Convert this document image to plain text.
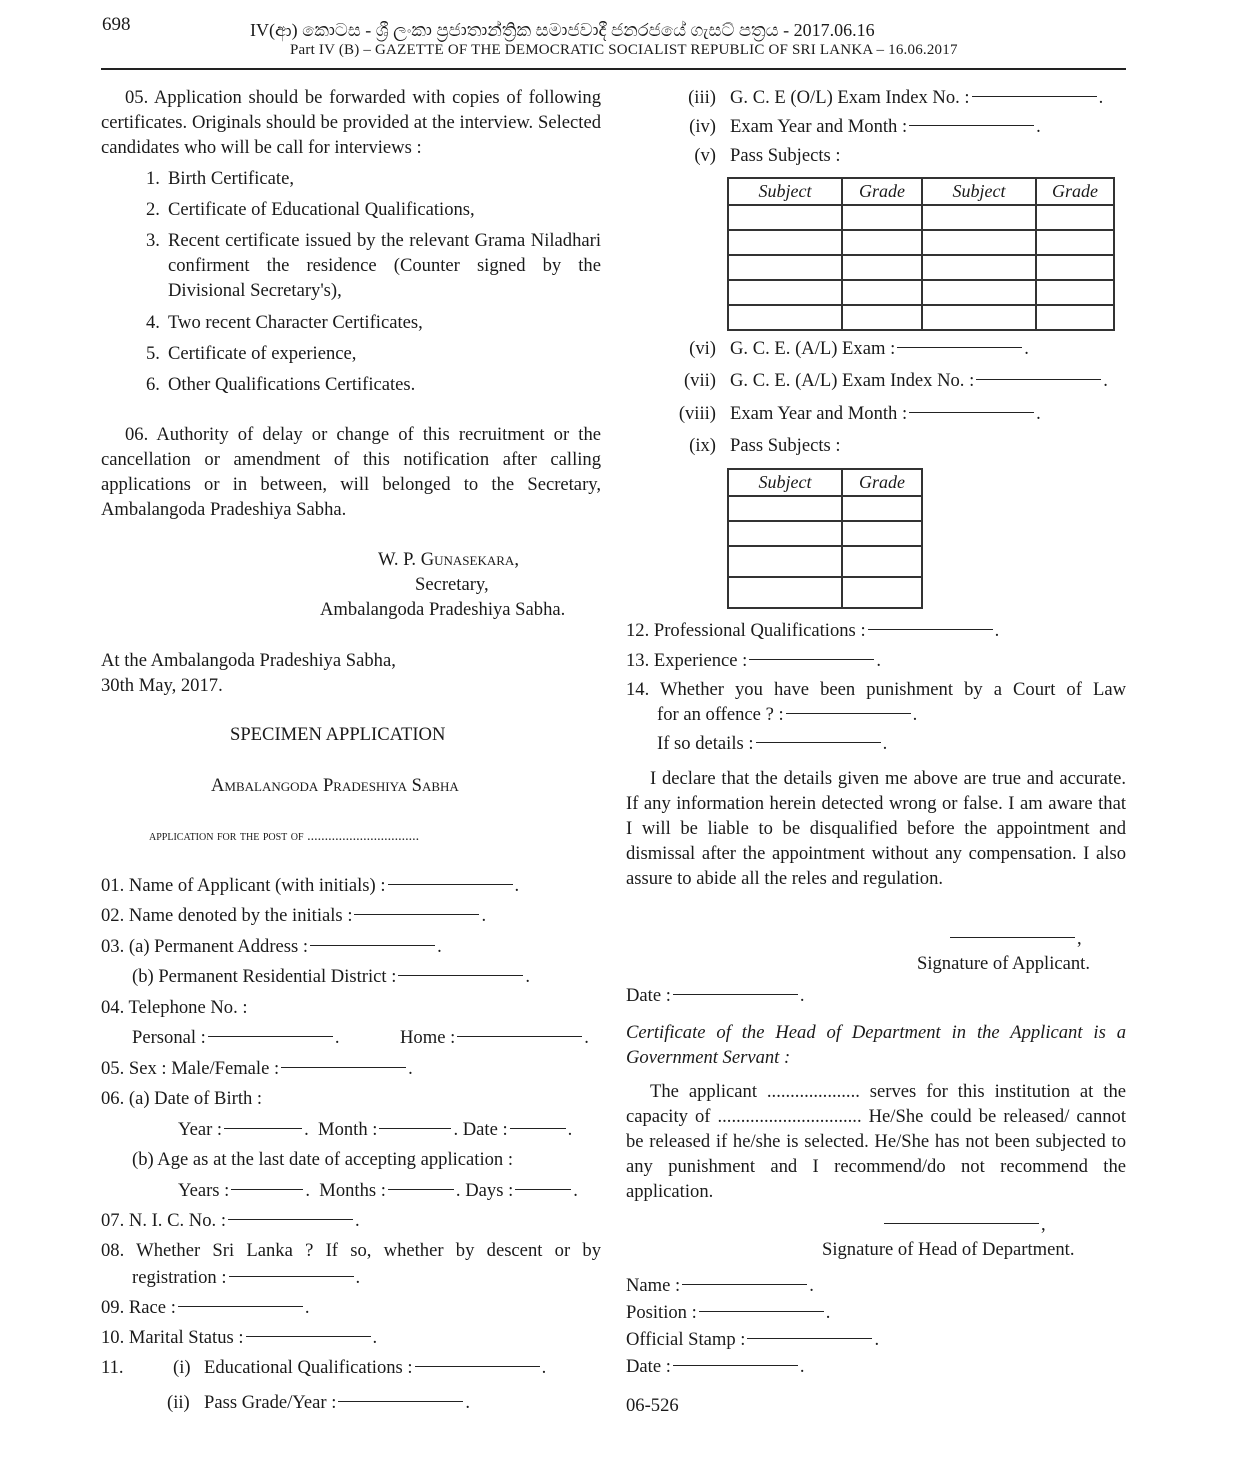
698	IV(ආ) කොටස - ශ්‍රී ලංකා ප්‍රජාතාන්ත්‍රික සමාජවාදී ජනරජයේ ගැසට් පත්‍රය - 2017.06.16
Part IV (B) – GAZETTE OF THE DEMOCRATIC SOCIALIST REPUBLIC OF SRI LANKA – 16.06.2017
05. Application should be forwarded with copies of following certificates. Originals should be provided at the interview. Selected candidates who will be call for interviews :
1. Birth Certificate,
2. Certificate of Educational Qualifications,
3. Recent certificate issued by the relevant Grama Niladhari confirment the residence (Counter signed by the Divisional Secretary's),
4. Two recent Character Certificates,
5. Certificate of experience,
6. Other Qualifications Certificates.
06. Authority of delay or change of this recruitment or the cancellation or amendment of this notification after calling applications or in between, will belonged to the Secretary, Ambalangoda Pradeshiya Sabha.
W. P. Gunasekara,
Secretary,
Ambalangoda Pradeshiya Sabha.
At the Ambalangoda Pradeshiya Sabha,
30th May, 2017.
SPECIMEN APPLICATION
Ambalangoda Pradeshiya Sabha
application for the post of ................................
01. Name of Applicant (with initials) :	.
02. Name denoted by the initials :	.
03. (a) Permanent Address :	.
(b) Permanent Residential District :	.
04. Telephone No. :
Personal :	.	Home :	.
05. Sex : Male/Female :	.
06. (a) Date of Birth :
Year :	. Month :	. Date :	.
(b) Age as at the last date of accepting application :
Years :	. Months :	. Days :	.
07. N. I. C. No. :	.
08. Whether Sri Lanka ? If so, whether by descent or by
registration :	.
09. Race :	.
10. Marital Status :	.
11.	(i) Educational Qualifications :	.
(ii) Pass Grade/Year :	.
(iii) G. C. E (O/L) Exam Index No. :	.
(iv) Exam Year and Month :	.
(v) Pass Subjects :
Subject	Grade	Subject	Grade

(vi) G. C. E. (A/L) Exam :	.
(vii) G. C. E. (A/L) Exam Index No. :	.
(viii) Exam Year and Month :	.
(ix) Pass Subjects :
Subject	Grade

12. Professional Qualifications :	.
13. Experience :	.
14. Whether you have been punishment by a Court of Law
for an offence ? :	.
If so details :	.
I declare that the details given me above are true and accurate. If any information herein detected wrong or false. I am aware that I will be liable to be disqualified before the appointment and dismissal after the appointment without any compensation. I also assure to abide all the reles and regulation.
,
Signature of Applicant.
Date :	.
Certificate of the Head of Department in the Applicant is a Government Servant :
The applicant .................... serves for this institution at the capacity of ............................... He/She could be released/ cannot be released if he/she is selected. He/She has not been subjected to any punishment and I recommend/do not recommend the application.
,
Signature of Head of Department.
Name :	.
Position :	.
Official Stamp :	.
Date :	.
06-526
